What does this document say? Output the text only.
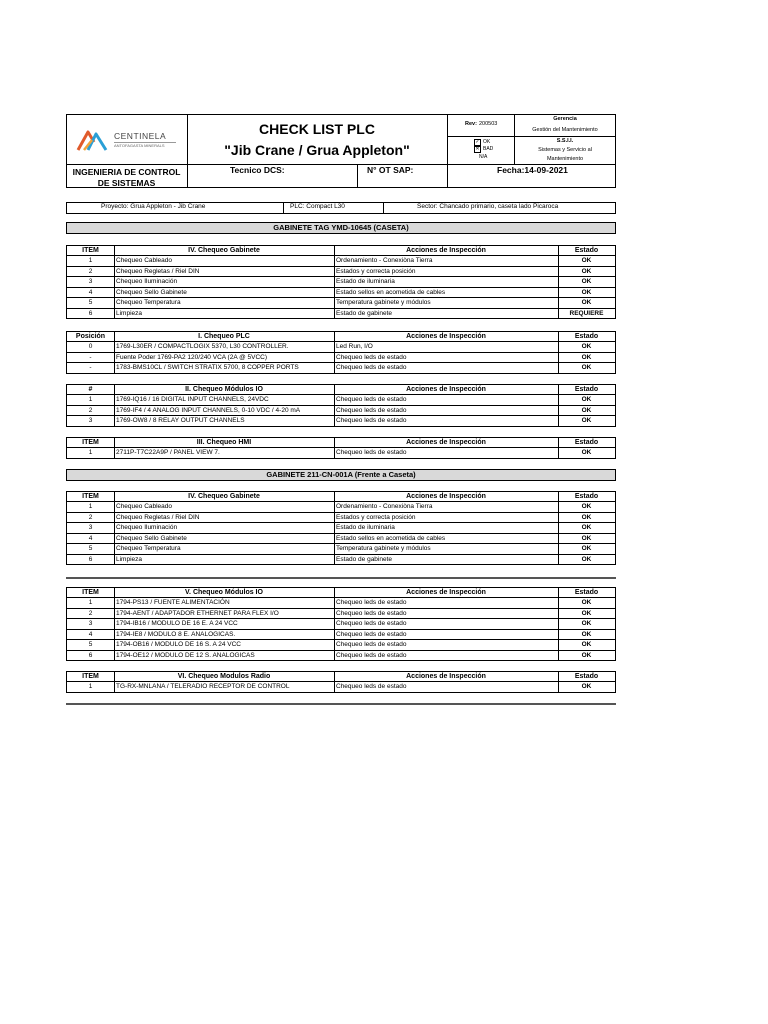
CENTINELA
ANTOFAGASTA MINERALS
CHECK LIST PLC
"Jib Crane / Grua Appleton"
Rev: 200503
✓ OK
✕ BAD
N/A
Gerencia
Gestión del Mantenimiento
S.S.I.I.
Sistemas y Servicio al
Mantenimiento
INGENIERIA DE CONTROL
DE SISTEMAS
Tecnico DCS:	N° OT SAP:	Fecha:14-09-2021
Proyecto: Grua Appleton - Jib Crane	PLC: Compact L30	Sector: Chancado primario, caseta lado Picaroca
GABINETE TAG YMD-10645 (CASETA)
ITEM	IV. Chequeo Gabinete	Acciones de Inspección	Estado
1	Chequeo Cableado	Ordenamiento - Conexiòna Tierra	OK
2	Chequeo Regletas / Riel DIN	Estados y correcta posición	OK
3	Chequeo Iluminación	Estado de iluminaria	OK
4	Chequeo Sello Gabinete	Estado sellos en acometida de cables	OK
5	Chequeo Temperatura	Temperatura gabinete y módulos	OK
6	Limpieza	Estado de gabinete	REQUIERE
Posición	I. Chequeo PLC	Acciones de Inspección	Estado
0	1769-L30ER / COMPACTLOGIX 5370, L30 CONTROLLER.	Led Run, I/O	OK
-	Fuente Poder 1769-PA2 120/240 VCA (2A @ 5VCC)	Chequeo leds de estado	OK
-	1783-BMS10CL / SWITCH STRATIX 5700, 8 COPPER PORTS	Chequeo leds de estado	OK
#	II. Chequeo Módulos IO	Acciones de Inspección	Estado
1	1769-IQ16 / 16 DIGITAL INPUT CHANNELS, 24VDC	Chequeo leds de estado	OK
2	1769-IF4 / 4 ANALOG INPUT CHANNELS, 0-10 VDC / 4-20 mA	Chequeo leds de estado	OK
3	1769-OW8 / 8 RELAY OUTPUT CHANNELS	Chequeo leds de estado	OK
ITEM	III. Chequeo HMI	Acciones de Inspección	Estado
1	2711P-T7C22A9P / PANEL VIEW 7.	Chequeo leds de estado	OK
GABINETE 211-CN-001A (Frente a Caseta)
ITEM	IV. Chequeo Gabinete	Acciones de Inspección	Estado
1	Chequeo Cableado	Ordenamiento - Conexiòna Tierra	OK
2	Chequeo Regletas / Riel DIN	Estados y correcta posición	OK
3	Chequeo Iluminación	Estado de iluminaria	OK
4	Chequeo Sello Gabinete	Estado sellos en acometida de cables	OK
5	Chequeo Temperatura	Temperatura gabinete y módulos	OK
6	Limpieza	Estado de gabinete	OK
ITEM	V. Chequeo Módulos IO	Acciones de Inspección	Estado
1	1794-PS13 / FUENTE ALIMENTACIÓN	Chequeo leds de estado	OK
2	1794-AENT / ADAPTADOR ETHERNET PARA FLEX I/O	Chequeo leds de estado	OK
3	1794-IB16 / MODULO DE 16 E. A 24 VCC	Chequeo leds de estado	OK
4	1794-IE8 / MODULO 8 E. ANALOGICAS.	Chequeo leds de estado	OK
5	1794-OB16 / MODULO DE 16 S. A 24 VCC	Chequeo leds de estado	OK
6	1794-OE12 / MODULO DE 12 S. ANALOGICAS	Chequeo leds de estado	OK
ITEM	VI. Chequeo Modulos Radio	Acciones de Inspección	Estado
1	TG-RX-MNLANA / TELERADIO RECEPTOR DE CONTROL	Chequeo leds de estado	OK
